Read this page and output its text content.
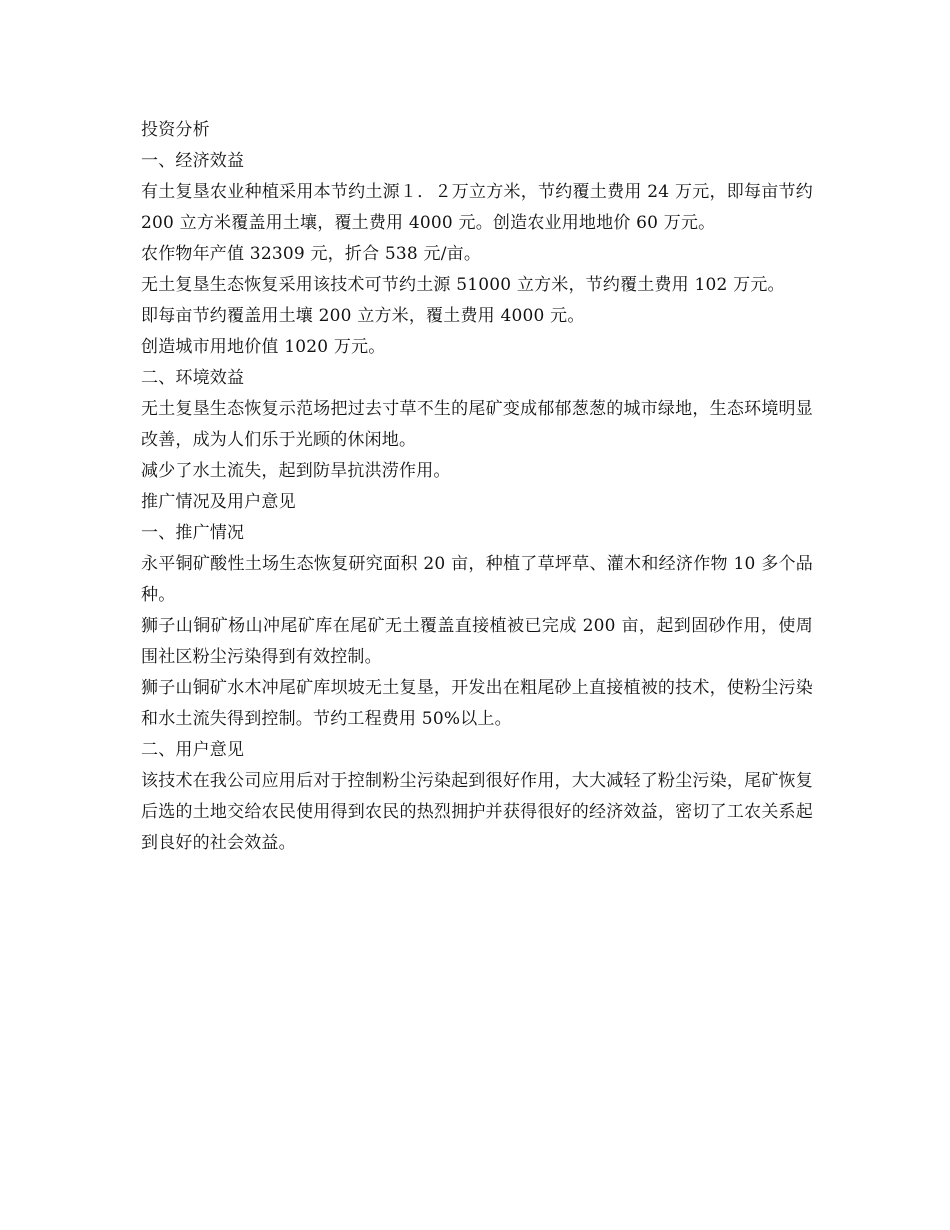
投资分析

一、经济效益

有土复垦农业种植采用本节约土源１．２万立方米，节约覆土费用 24 万元，即每亩节约 200 立方米覆盖用土壤，覆土费用 4000 元。创造农业用地地价 60 万元。

农作物年产值 32309 元，折合 538 元/亩。

无土复垦生态恢复采用该技术可节约土源 51000 立方米，节约覆土费用 102 万元。

即每亩节约覆盖用土壤 200 立方米，覆土费用 4000 元。

创造城市用地价值 1020 万元。

二、环境效益

无土复垦生态恢复示范场把过去寸草不生的尾矿变成郁郁葱葱的城市绿地，生态环境明显改善，成为人们乐于光顾的休闲地。

减少了水土流失，起到防旱抗洪涝作用。

推广情况及用户意见

一、推广情况

永平铜矿酸性土场生态恢复研究面积 20 亩，种植了草坪草、灌木和经济作物 10 多个品种。

狮子山铜矿杨山冲尾矿库在尾矿无土覆盖直接植被已完成 200 亩，起到固砂作用，使周围社区粉尘污染得到有效控制。

狮子山铜矿水木冲尾矿库坝坡无土复垦，开发出在粗尾砂上直接植被的技术，使粉尘污染和水土流失得到控制。节约工程费用 50%以上。

二、用户意见

该技术在我公司应用后对于控制粉尘污染起到很好作用，大大减轻了粉尘污染，尾矿恢复后选的土地交给农民使用得到农民的热烈拥护并获得很好的经济效益，密切了工农关系起到良好的社会效益。
